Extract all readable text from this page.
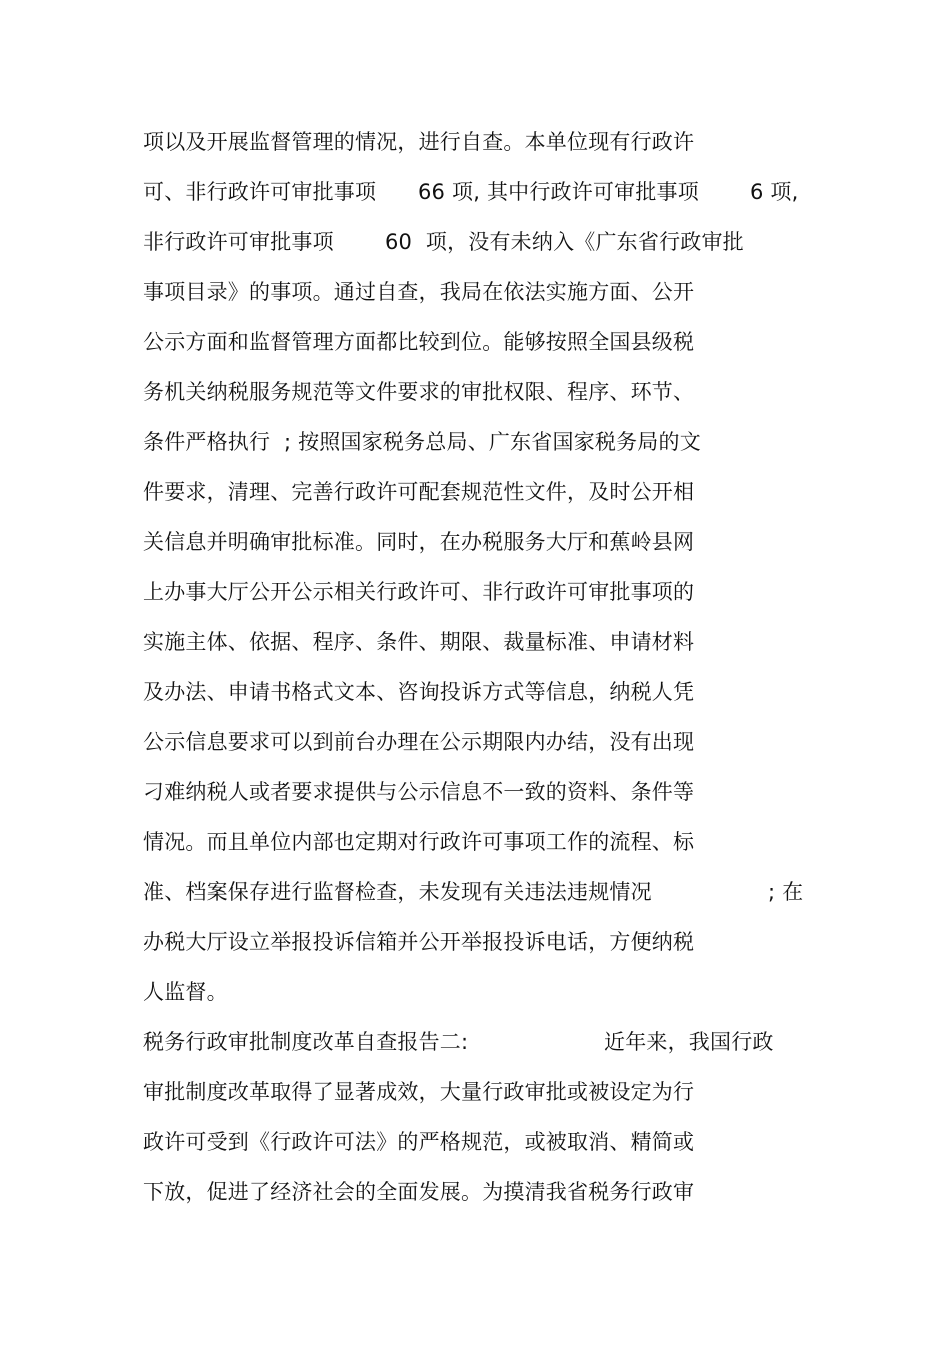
项以及开展监督管理的情况，进行自查。本单位现有行政许

可、非行政许可审批事项

66 项, 其中行政许可审批事项

6 项,

非行政许可审批事项

60  项，没有未纳入《广东省行政审批

事项目录》的事项。通过自查，我局在依法实施方面、公开
公示方面和监督管理方面都比较到位。能够按照全国县级税
务机关纳税服务规范等文件要求的审批权限、程序、环节、
条件严格执行  ; 按照国家税务总局、广东省国家税务局的文
件要求，清理、完善行政许可配套规范性文件，及时公开相
关信息并明确审批标准。同时，在办税服务大厅和蕉岭县网
上办事大厅公开公示相关行政许可、非行政许可审批事项的
实施主体、依据、程序、条件、期限、裁量标准、申请材料
及办法、申请书格式文本、咨询投诉方式等信息，纳税人凭
公示信息要求可以到前台办理在公示期限内办结，没有出现
刁难纳税人或者要求提供与公示信息不一致的资料、条件等
情况。而且单位内部也定期对行政许可事项工作的流程、标

准、档案保存进行监督检查，未发现有关违法违规情况

	; 在

办税大厅设立举报投诉信箱并公开举报投诉电话，方便纳税
人监督。

税务行政审批制度改革自查报告二:

	近年来，我国行政

审批制度改革取得了显著成效，大量行政审批或被设定为行
政许可受到《行政许可法》的严格规范，或被取消、精简或
下放，促进了经济社会的全面发展。为摸清我省税务行政审
